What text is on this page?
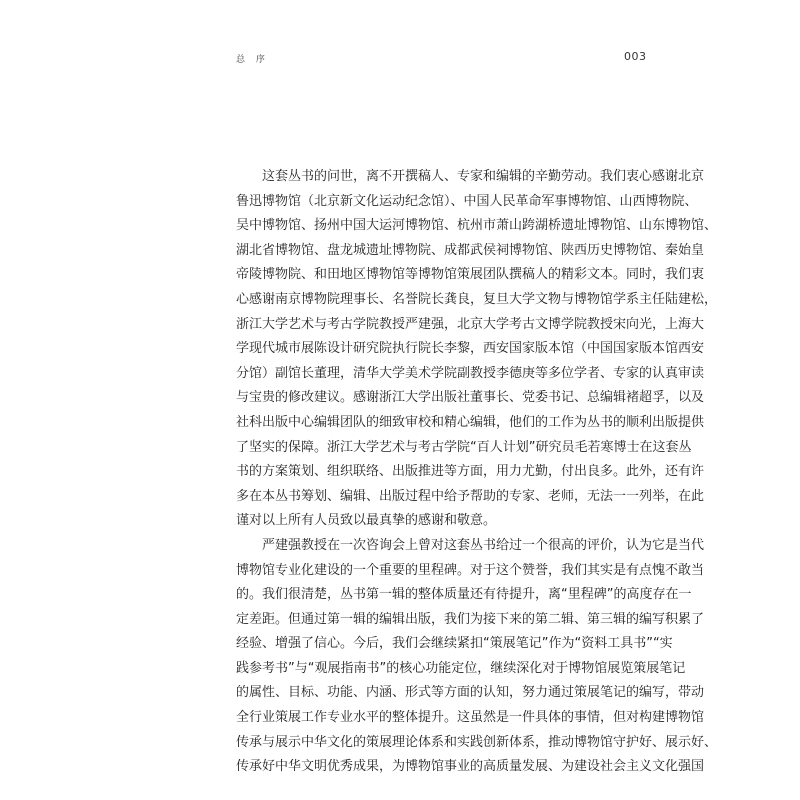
总 序	003

这套丛书的问世，离不开撰稿人、专家和编辑的辛勤劳动。我们衷心感谢北京
鲁迅博物馆（北京新文化运动纪念馆）、中国人民革命军事博物馆、山西博物院、
吴中博物馆、扬州中国大运河博物馆、杭州市萧山跨湖桥遗址博物馆、山东博物馆、
湖北省博物馆、盘龙城遗址博物院、成都武侯祠博物馆、陕西历史博物馆、秦始皇
帝陵博物院、和田地区博物馆等博物馆策展团队撰稿人的精彩文本。同时，我们衷
心感谢南京博物院理事长、名誉院长龚良，复旦大学文物与博物馆学系主任陆建松，
浙江大学艺术与考古学院教授严建强，北京大学考古文博学院教授宋向光，上海大
学现代城市展陈设计研究院执行院长李黎，西安国家版本馆（中国国家版本馆西安
分馆）副馆长董理，清华大学美术学院副教授李德庚等多位学者、专家的认真审读
与宝贵的修改建议。感谢浙江大学出版社董事长、党委书记、总编辑褚超孚，以及
社科出版中心编辑团队的细致审校和精心编辑，他们的工作为丛书的顺利出版提供
了坚实的保障。浙江大学艺术与考古学院“百人计划”研究员毛若寒博士在这套丛
书的方案策划、组织联络、出版推进等方面，用力尤勤，付出良多。此外，还有许
多在本丛书筹划、编辑、出版过程中给予帮助的专家、老师，无法一一列举，在此
谨对以上所有人员致以最真挚的感谢和敬意。

严建强教授在一次咨询会上曾对这套丛书给过一个很高的评价，认为它是当代
博物馆专业化建设的一个重要的里程碑。对于这个赞誉，我们其实是有点愧不敢当
的。我们很清楚，丛书第一辑的整体质量还有待提升，离“里程碑”的高度存在一
定差距。但通过第一辑的编辑出版，我们为接下来的第二辑、第三辑的编写积累了
经验、增强了信心。今后，我们会继续紧扣“策展笔记”作为“资料工具书”“实
践参考书”与“观展指南书”的核心功能定位，继续深化对于博物馆展览策展笔记
的属性、目标、功能、内涵、形式等方面的认知，努力通过策展笔记的编写，带动
全行业策展工作专业水平的整体提升。这虽然是一件具体的事情，但对构建博物馆
传承与展示中华文化的策展理论体系和实践创新体系，推动博物馆守护好、展示好、
传承好中华文明优秀成果，为博物馆事业的高质量发展、为建设社会主义文化强国
